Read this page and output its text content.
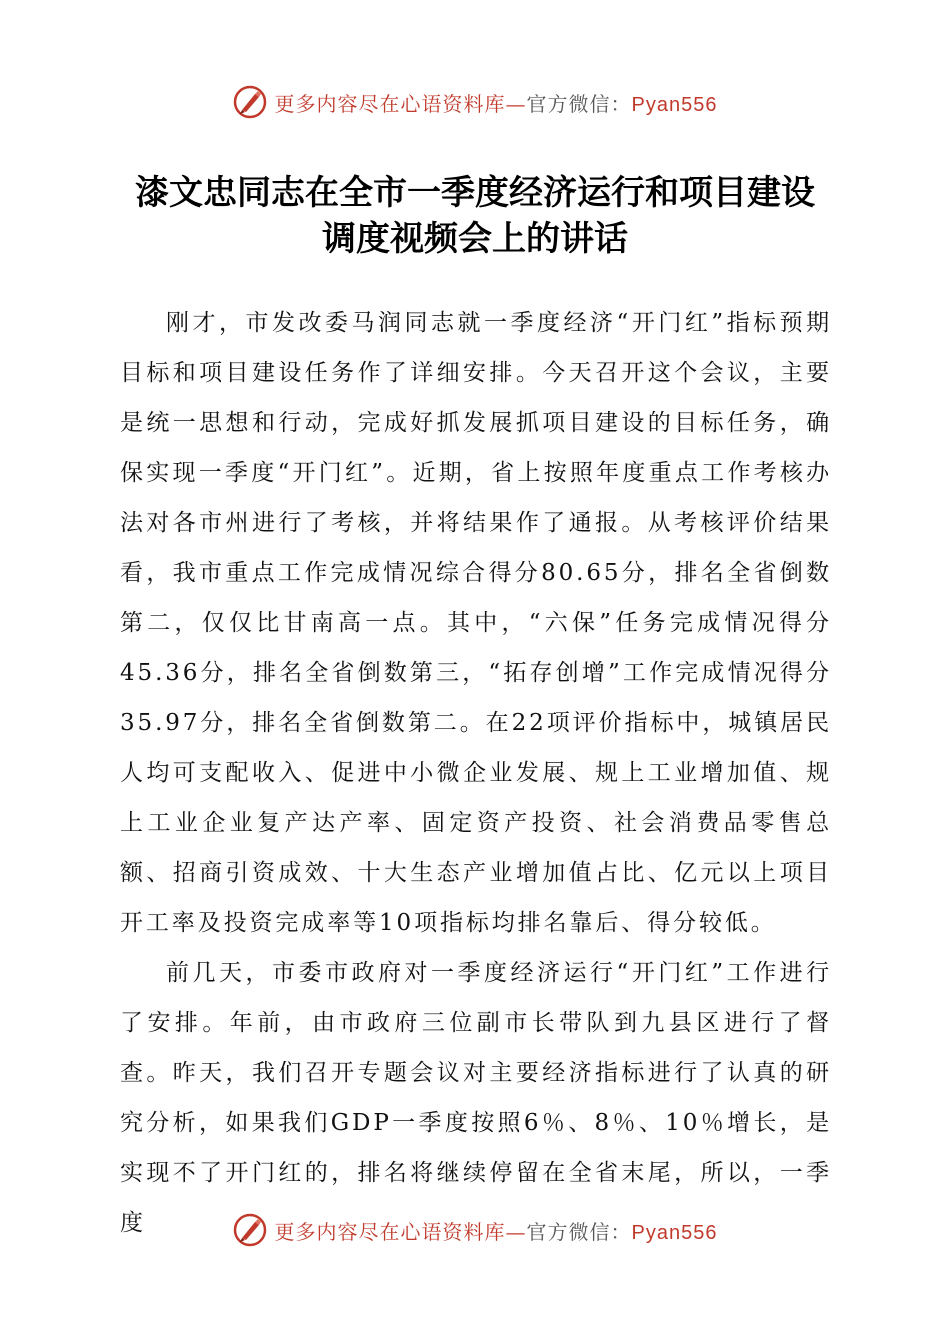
更多内容尽在心语资料库—官方微信：Pyan556
漆文忠同志在全市一季度经济运行和项目建设
调度视频会上的讲话

刚才，市发改委马润同志就一季度经济“开门红”指标预期目标和项目建设任务作了详细安排。今天召开这个会议，主要是统一思想和行动，完成好抓发展抓项目建设的目标任务，确保实现一季度“开门红”。近期，省上按照年度重点工作考核办法对各市州进行了考核，并将结果作了通报。从考核评价结果看，我市重点工作完成情况综合得分80.65分，排名全省倒数第二，仅仅比甘南高一点。其中，“六保”任务完成情况得分45.36分，排名全省倒数第三，“拓存创增”工作完成情况得分35.97分，排名全省倒数第二。在22项评价指标中，城镇居民人均可支配收入、促进中小微企业发展、规上工业增加值、规上工业企业复产达产率、固定资产投资、社会消费品零售总额、招商引资成效、十大生态产业增加值占比、亿元以上项目开工率及投资完成率等10项指标均排名靠后、得分较低。

前几天，市委市政府对一季度经济运行“开门红”工作进行了安排。年前，由市政府三位副市长带队到九县区进行了督查。昨天，我们召开专题会议对主要经济指标进行了认真的研究分析，如果我们GDP一季度按照6％、8％、10％增长，是实现不了开门红的，排名将继续停留在全省末尾，所以，一季度	更多内容尽在心语资料库—官方微信：Pyan556
